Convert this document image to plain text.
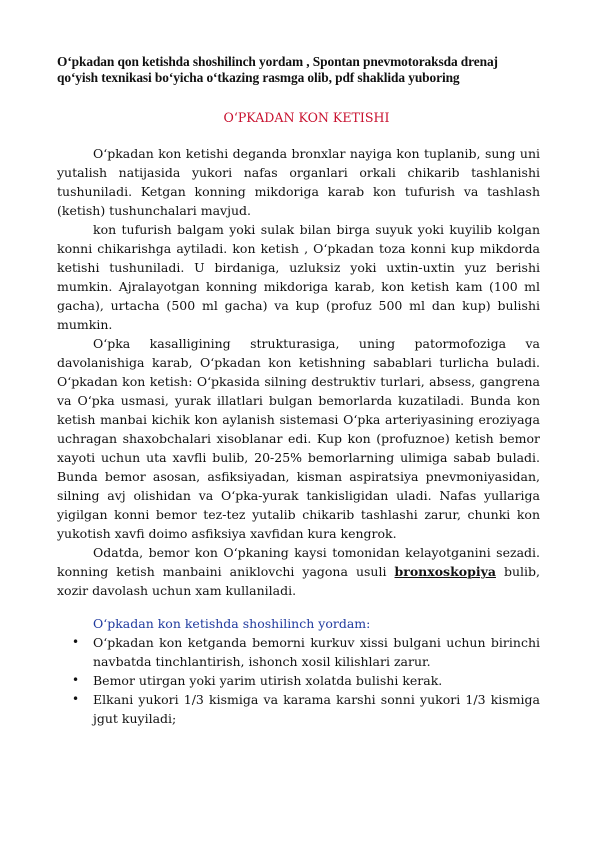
O‘pkadan qon ketishda shoshilinch yordam , Spontan pnevmotoraksda drenaj
qo‘yish texnikasi bo‘yicha o‘tkazing rasmga olib, pdf shaklida yuboring
O‘PKADAN KON KETISHI

O‘pkadan kon ketishi deganda bronxlar nayiga kon tuplanib, sung uni yutalish natijasida yukori nafas organlari orkali chikarib tashlanishi tushuniladi. Ketgan konning mikdoriga karab kon tufurish va tashlash (ketish) tushunchalari mavjud.

kon tufurish balgam yoki sulak bilan birga suyuk yoki kuyilib kolgan konni chikarishga aytiladi. kon ketish , O‘pkadan toza konni kup mikdorda ketishi tushuniladi. U birdaniga, uzluksiz yoki uxtin-uxtin yuz berishi mumkin. Ajralayotgan konning mikdoriga karab, kon ketish kam (100 ml gacha), urtacha (500 ml gacha) va kup (profuz 500 ml dan kup) bulishi mumkin.

O‘pka kasalligining strukturasiga, uning patormofoziga va davolanishiga karab, O‘pkadan kon ketishning sabablari turlicha buladi. O‘pkadan kon ketish: O‘pkasida silning destruktiv turlari, absess, gangrena va O‘pka usmasi, yurak illatlari bulgan bemorlarda kuzatiladi. Bunda kon ketish manbai kichik kon aylanish sistemasi O‘pka arteriyasining eroziyaga uchragan shaxobchalari xisoblanar edi. Kup kon (profuznoe) ketish bemor xayoti uchun uta xavfli bulib, 20-25% bemorlarning ulimiga sabab buladi. Bunda bemor asosan, asfiksiyadan, kisman aspiratsiya pnevmoniyasidan, silning avj olishidan va O‘pka-yurak tankisligidan uladi. Nafas yullariga yigilgan konni bemor tez-tez yutalib chikarib tashlashi zarur, chunki kon yukotish xavfi doimo asfiksiya xavfidan kura kengrok.

Odatda, bemor kon O‘pkaning kaysi tomonidan kelayotganini sezadi. konning ketish manbaini aniklovchi yagona usuli bronxoskopiya bulib, xozir davolash uchun xam kullaniladi.

O‘pkadan kon ketishda shoshilinch yordam:
• O‘pkadan kon ketganda bemorni kurkuv xissi bulgani uchun birinchi navbatda tinchlantirish, ishonch xosil kilishlari zarur.
• Bemor utirgan yoki yarim utirish xolatda bulishi kerak.
• Elkani yukori 1/3 kismiga va karama karshi sonni yukori 1/3 kismiga jgut kuyiladi;
